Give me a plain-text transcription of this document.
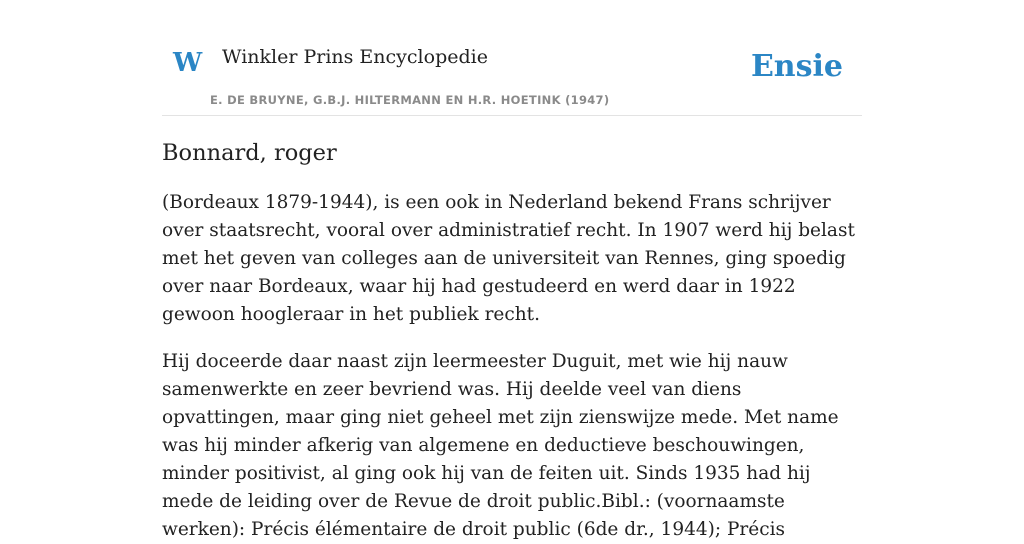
W Winkler Prins Encyclopedie
E. DE BRUYNE, G.B.J. HILTERMANN EN H.R. HOETINK (1947)
Ensie
Bonnard, roger

(Bordeaux 1879-1944), is een ook in Nederland bekend Frans schrijver over staatsrecht, vooral over administratief recht. In 1907 werd hij belast met het geven van colleges aan de universiteit van Rennes, ging spoedig over naar Bordeaux, waar hij had gestudeerd en werd daar in 1922 gewoon hoogleraar in het publiek recht.

Hij doceerde daar naast zijn leermeester Duguit, met wie hij nauw samenwerkte en zeer bevriend was. Hij deelde veel van diens opvattingen, maar ging niet geheel met zijn zienswijze mede. Met name was hij minder afkerig van algemene en deductieve beschouwingen, minder positivist, al ging ook hij van de feiten uit. Sinds 1935 had hij mede de leiding over de Revue de droit public.Bibl.: (voornaamste werken): Précis élémentaire de droit public (6de dr., 1944); Précis
